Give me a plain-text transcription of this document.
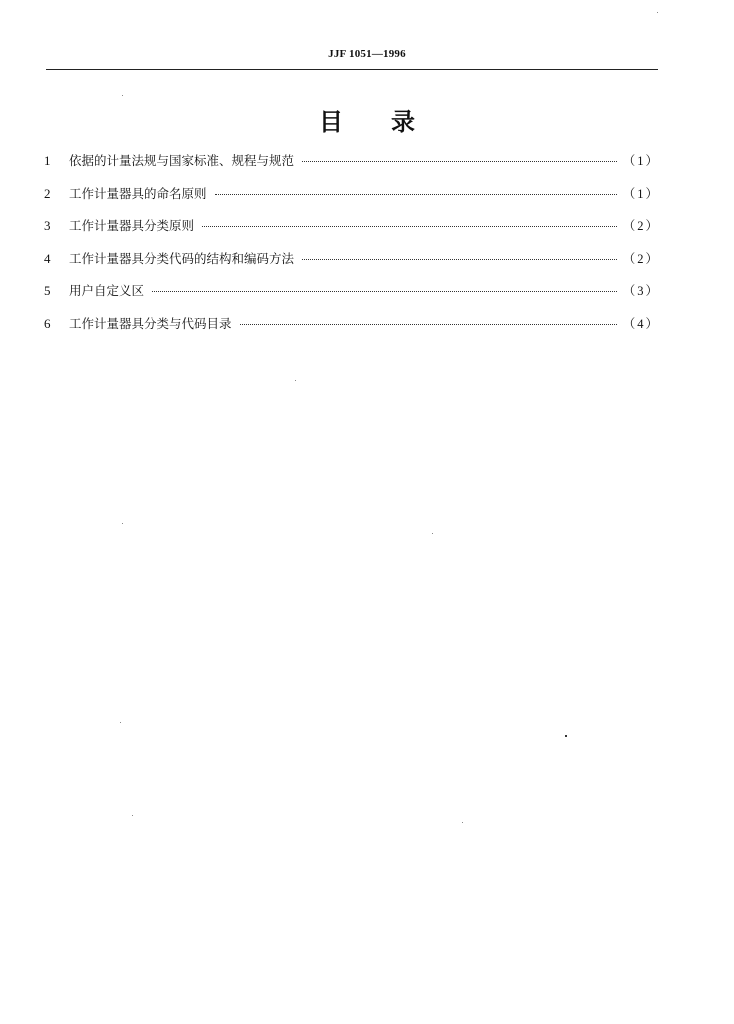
JJF 1051—1996
目 录
1	依据的计量法规与国家标准、规程与规范	（1）
2	工作计量器具的命名原则	（1）
3	工作计量器具分类原则	（2）
4	工作计量器具分类代码的结构和编码方法	（2）
5	用户自定义区	（3）
6	工作计量器具分类与代码目录	（4）
